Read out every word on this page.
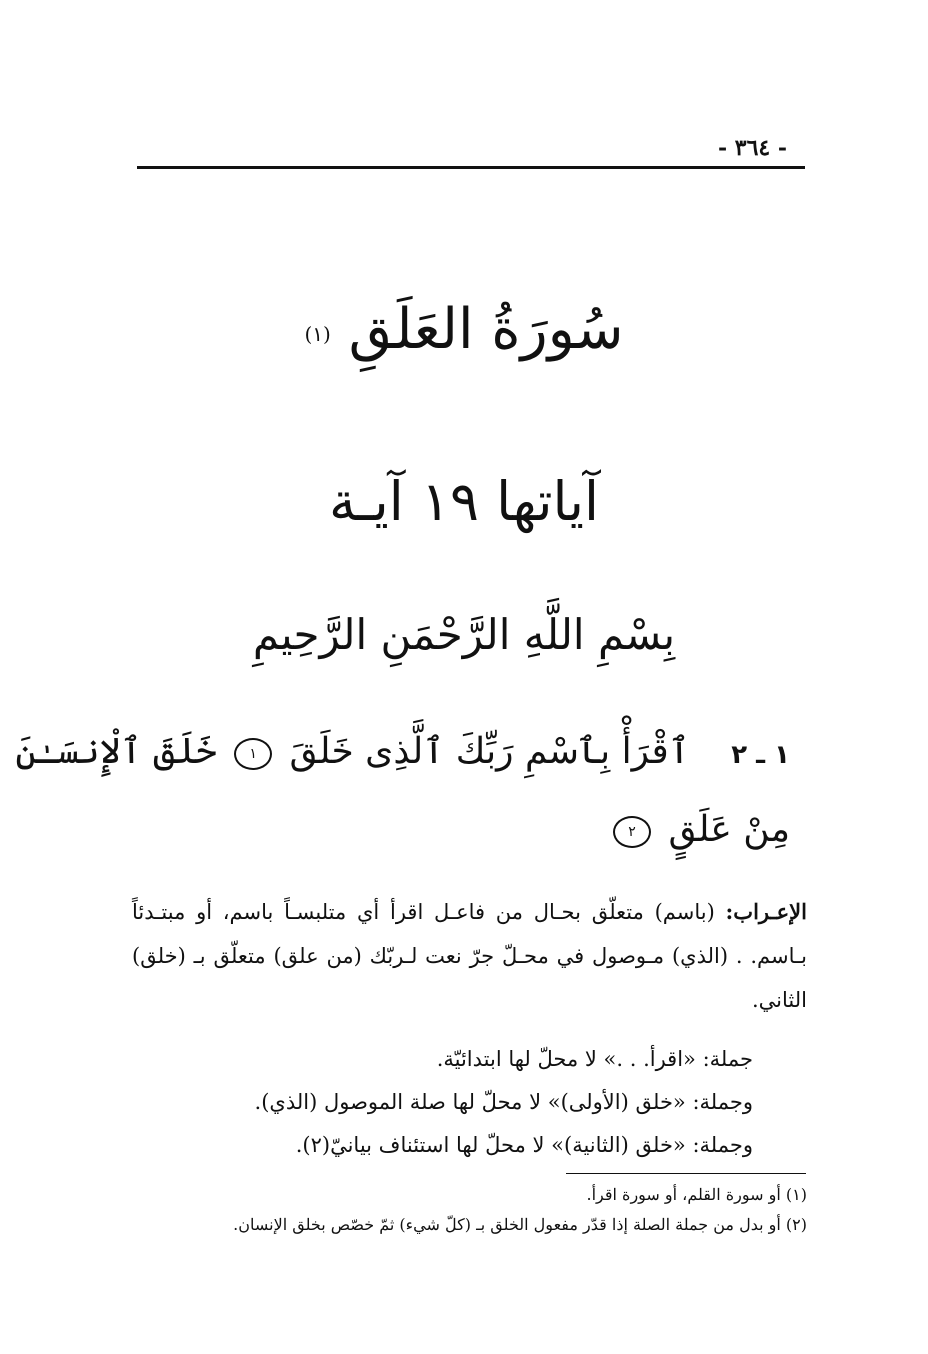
- ٣٦٤ -
سُورَةُ العَلَقِ $^{(١)}$
آياتها ١٩ آيـة
بِسْمِ اللَّهِ الرَّحْمَنِ الرَّحِيمِ
١ ـ ٢ ٱقْرَأْ بِٱسْمِ رَبِّكَ ٱلَّذِى خَلَقَ ١ خَلَقَ ٱلْإِنسَـٰنَ
مِنْ عَلَقٍ ٢
الإعـراب: (باسم) متعلّق بحـال من فاعـل اقرأ أي متلبسـاً باسم، أو مبتـدئاً بـاسم. . (الذي) مـوصول في محـلّ جرّ نعت لـربّك (من علق) متعلّق بـ (خلق) الثاني.
جملة: «اقرأ. . .» لا محلّ لها ابتدائيّة.
وجملة: «خلق (الأولى)» لا محلّ لها صلة الموصول (الذي).
وجملة: «خلق (الثانية)» لا محلّ لها استئناف بيانيّ(٢).
(١) أو سورة القلم، أو سورة اقرأ.
(٢) أو بدل من جملة الصلة إذا قدّر مفعول الخلق بـ (كلّ شيء) ثمّ خصّص بخلق الإنسان.
